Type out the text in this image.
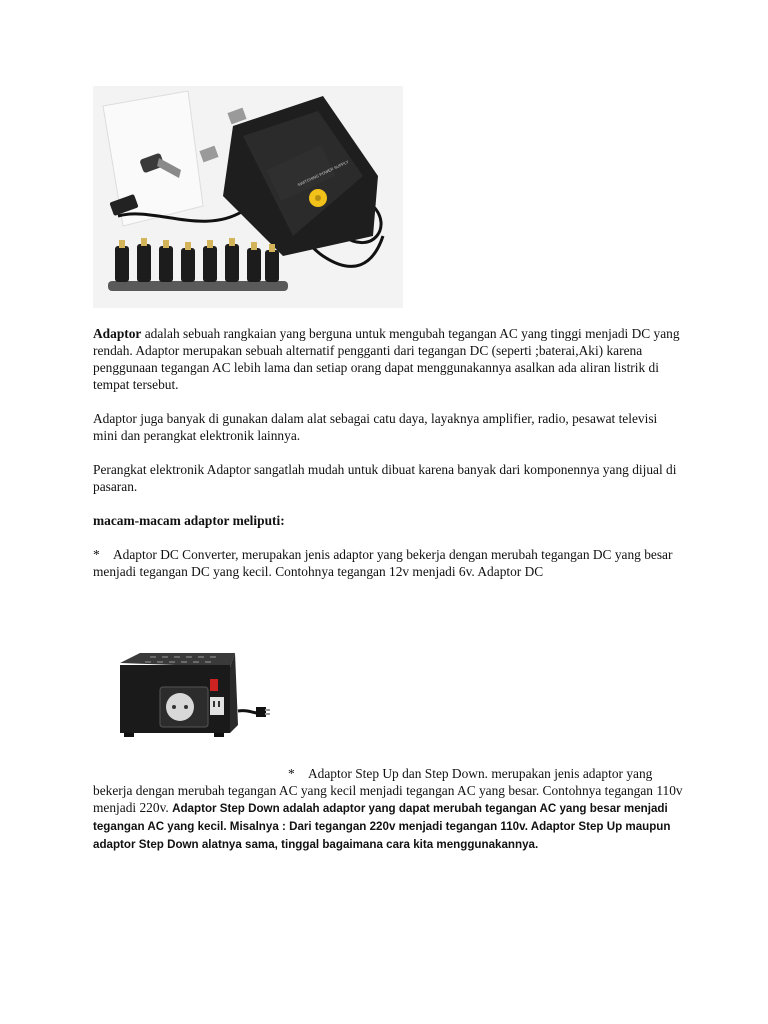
SWITCHING POWER SUPPLY

Adaptor adalah sebuah rangkaian yang berguna untuk mengubah tegangan AC yang tinggi menjadi DC yang rendah. Adaptor merupakan sebuah alternatif pengganti dari tegangan DC (seperti ;baterai,Aki) karena penggunaan tegangan AC lebih lama dan setiap orang dapat menggunakannya asalkan ada aliran listrik di tempat tersebut.

Adaptor juga banyak di gunakan dalam alat sebagai catu daya, layaknya amplifier, radio, pesawat televisi mini dan perangkat elektronik lainnya.

Perangkat elektronik Adaptor sangatlah mudah untuk dibuat karena banyak dari komponennya yang dijual di pasaran.

macam-macam adaptor meliputi:

* Adaptor DC Converter, merupakan jenis adaptor yang bekerja dengan merubah tegangan DC yang besar menjadi tegangan DC yang kecil. Contohnya tegangan 12v menjadi 6v. Adaptor DC

* Adaptor Step Up dan Step Down. merupakan jenis adaptor yang bekerja dengan merubah tegangan AC yang kecil menjadi tegangan AC yang besar. Contohnya tegangan 110v menjadi 220v. Adaptor Step Down adalah adaptor yang dapat merubah tegangan AC yang besar menjadi tegangan AC yang kecil. Misalnya : Dari tegangan 220v menjadi tegangan 110v. Adaptor Step Up maupun adaptor Step Down alatnya sama, tinggal bagaimana cara kita menggunakannya.
